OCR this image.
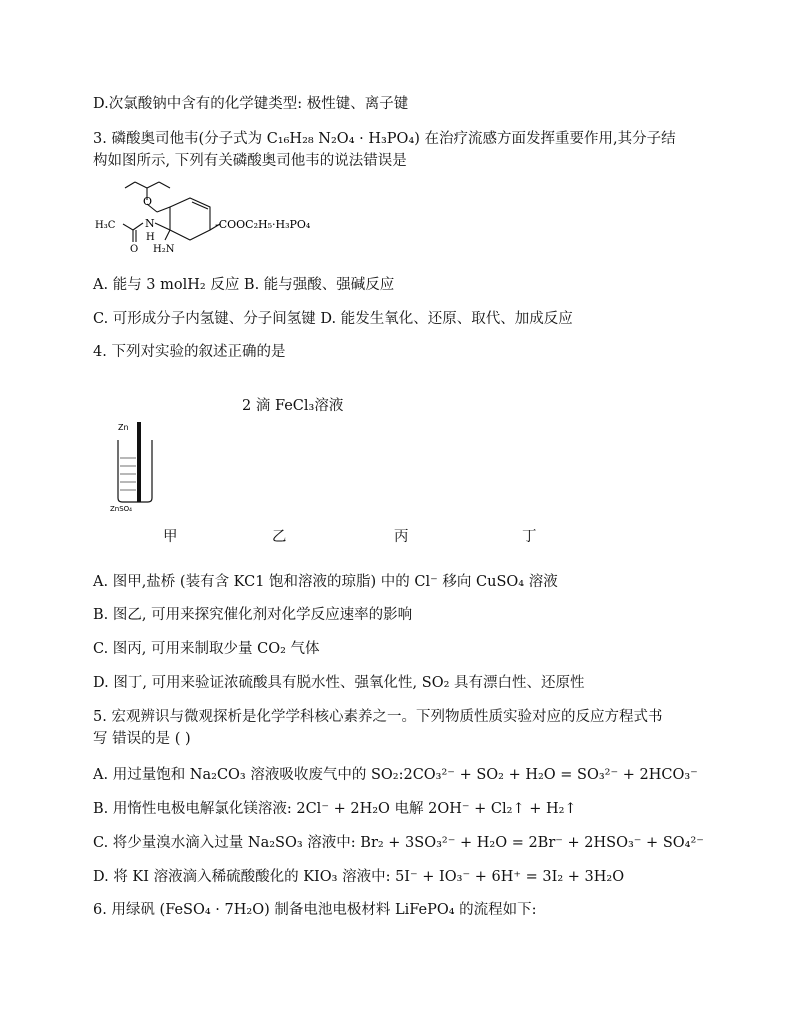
D.次氯酸钠中含有的化学键类型: 极性键、离子键
3. 磷酸奥司他韦(分子式为 C₁₆H₂₈ N₂O₄ · H₃PO₄) 在治疗流感方面发挥重要作用,其分子结
构如图所示, 下列有关磷酸奥司他韦的说法错误是
O
H₃C	N
H
O H₂N
-COOC₂H₅·H₃PO₄
A. 能与 3 molH₂ 反应 B. 能与强酸、强碱反应
C. 可形成分子内氢键、分子间氢键 D. 能发生氧化、还原、取代、加成反应
4. 下列对实验的叙述正确的是
2 滴 FeCl₃溶液
Zn
ZnSO₄
甲	乙	丙	丁
A. 图甲,盐桥 (装有含 KC1 饱和溶液的琼脂) 中的 Cl⁻ 移向 CuSO₄ 溶液
B. 图乙, 可用来探究催化剂对化学反应速率的影响
C. 图丙, 可用来制取少量 CO₂ 气体
D. 图丁, 可用来验证浓硫酸具有脱水性、强氧化性, SO₂ 具有漂白性、还原性
5. 宏观辨识与微观探析是化学学科核心素养之一。下列物质性质实验对应的反应方程式书
写 错误的是 ( )
A. 用过量饱和 Na₂CO₃ 溶液吸收废气中的 SO₂:2CO₃²⁻ + SO₂ + H₂O = SO₃²⁻ + 2HCO₃⁻
B. 用惰性电极电解氯化镁溶液: 2Cl⁻ + 2H₂O 电解 2OH⁻ + Cl₂↑ + H₂↑
C. 将少量溴水滴入过量 Na₂SO₃ 溶液中: Br₂ + 3SO₃²⁻ + H₂O = 2Br⁻ + 2HSO₃⁻ + SO₄²⁻
D. 将 KI 溶液滴入稀硫酸酸化的 KIO₃ 溶液中: 5I⁻ + IO₃⁻ + 6H⁺ = 3I₂ + 3H₂O
6. 用绿矾 (FeSO₄ · 7H₂O) 制备电池电极材料 LiFePO₄ 的流程如下:
